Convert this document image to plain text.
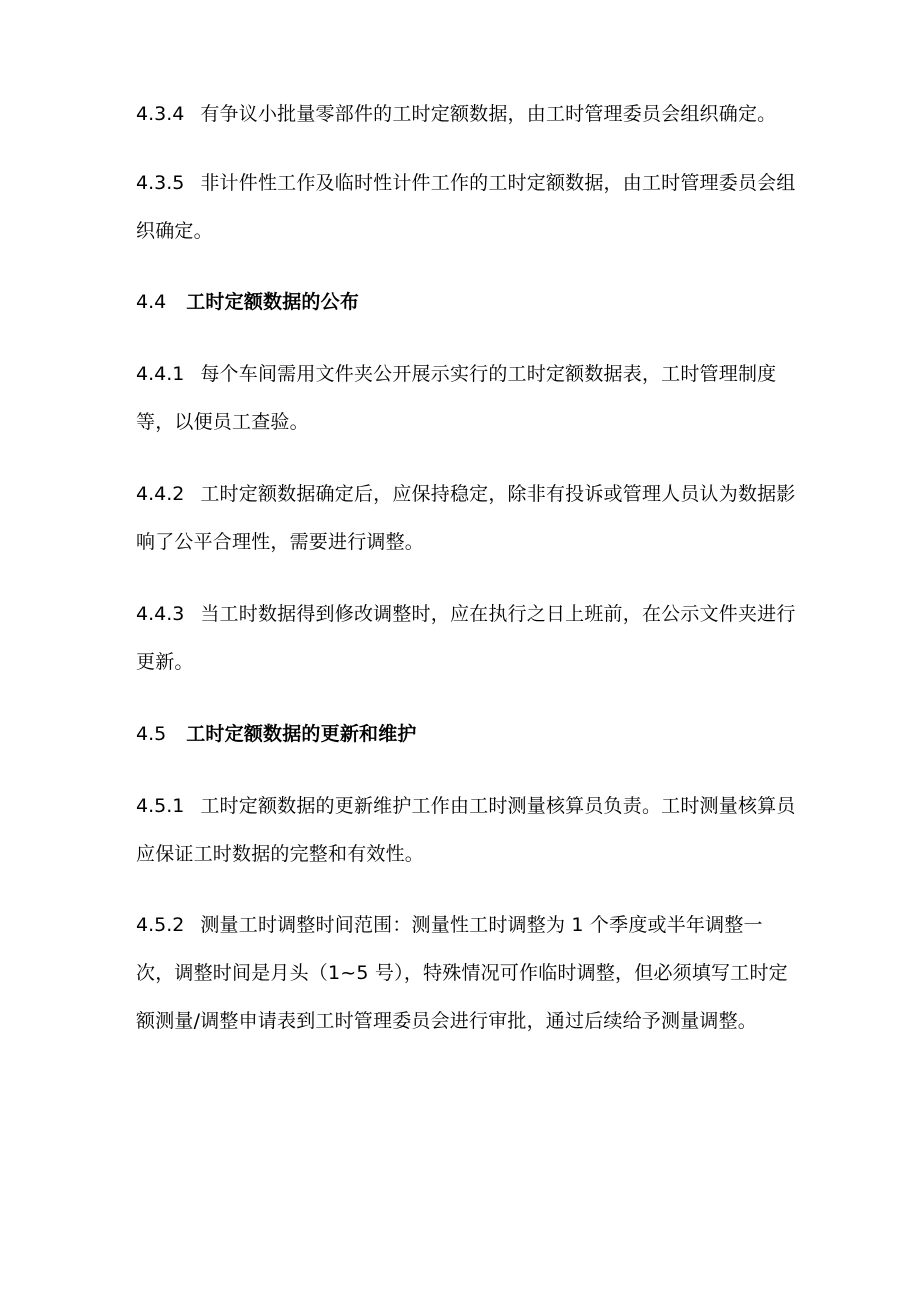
4.3.4 有争议小批量零部件的工时定额数据，由工时管理委员会组织确定。

4.3.5 非计件性工作及临时性计件工作的工时定额数据，由工时管理委员会组织确定。

4.4 工时定额数据的公布

4.4.1 每个车间需用文件夹公开展示实行的工时定额数据表，工时管理制度等，以便员工查验。

4.4.2 工时定额数据确定后，应保持稳定，除非有投诉或管理人员认为数据影响了公平合理性，需要进行调整。

4.4.3 当工时数据得到修改调整时，应在执行之日上班前，在公示文件夹进行更新。

4.5 工时定额数据的更新和维护

4.5.1 工时定额数据的更新维护工作由工时测量核算员负责。工时测量核算员应保证工时数据的完整和有效性。

4.5.2 测量工时调整时间范围：测量性工时调整为 1 个季度或半年调整一次，调整时间是月头（1~5 号），特殊情况可作临时调整，但必须填写工时定额测量/调整申请表到工时管理委员会进行审批，通过后续给予测量调整。
